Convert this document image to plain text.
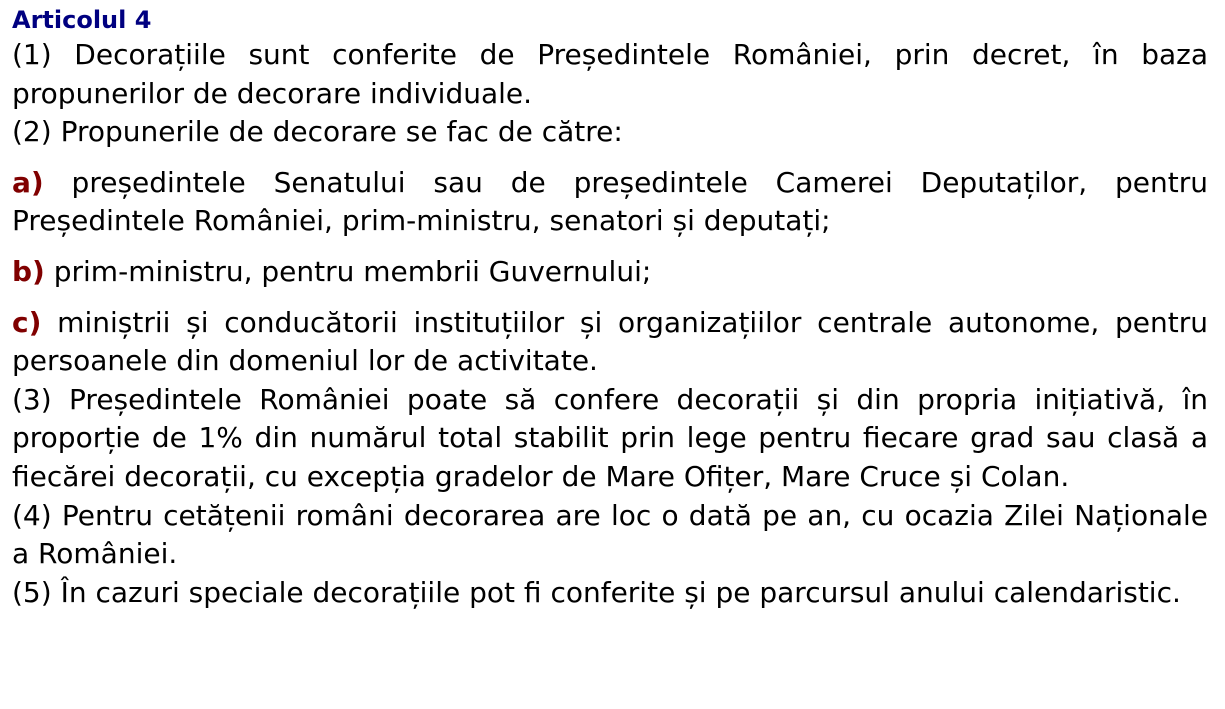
Articolul 4

(1) Decorațiile sunt conferite de Președintele României, prin decret, în baza propunerilor de decorare individuale.

(2) Propunerile de decorare se fac de către:

a) președintele Senatului sau de președintele Camerei Deputaților, pentru Președintele României, prim-ministru, senatori și deputați;

b) prim-ministru, pentru membrii Guvernului;

c) miniștrii și conducătorii instituțiilor și organizațiilor centrale autonome, pentru persoanele din domeniul lor de activitate.

(3) Președintele României poate să confere decorații și din propria inițiativă, în proporție de 1% din numărul total stabilit prin lege pentru fiecare grad sau clasă a fiecărei decorații, cu excepția gradelor de Mare Ofițer, Mare Cruce și Colan.

(4) Pentru cetățenii români decorarea are loc o dată pe an, cu ocazia Zilei Naționale a României.

(5) În cazuri speciale decorațiile pot fi conferite și pe parcursul anului calendaristic.
